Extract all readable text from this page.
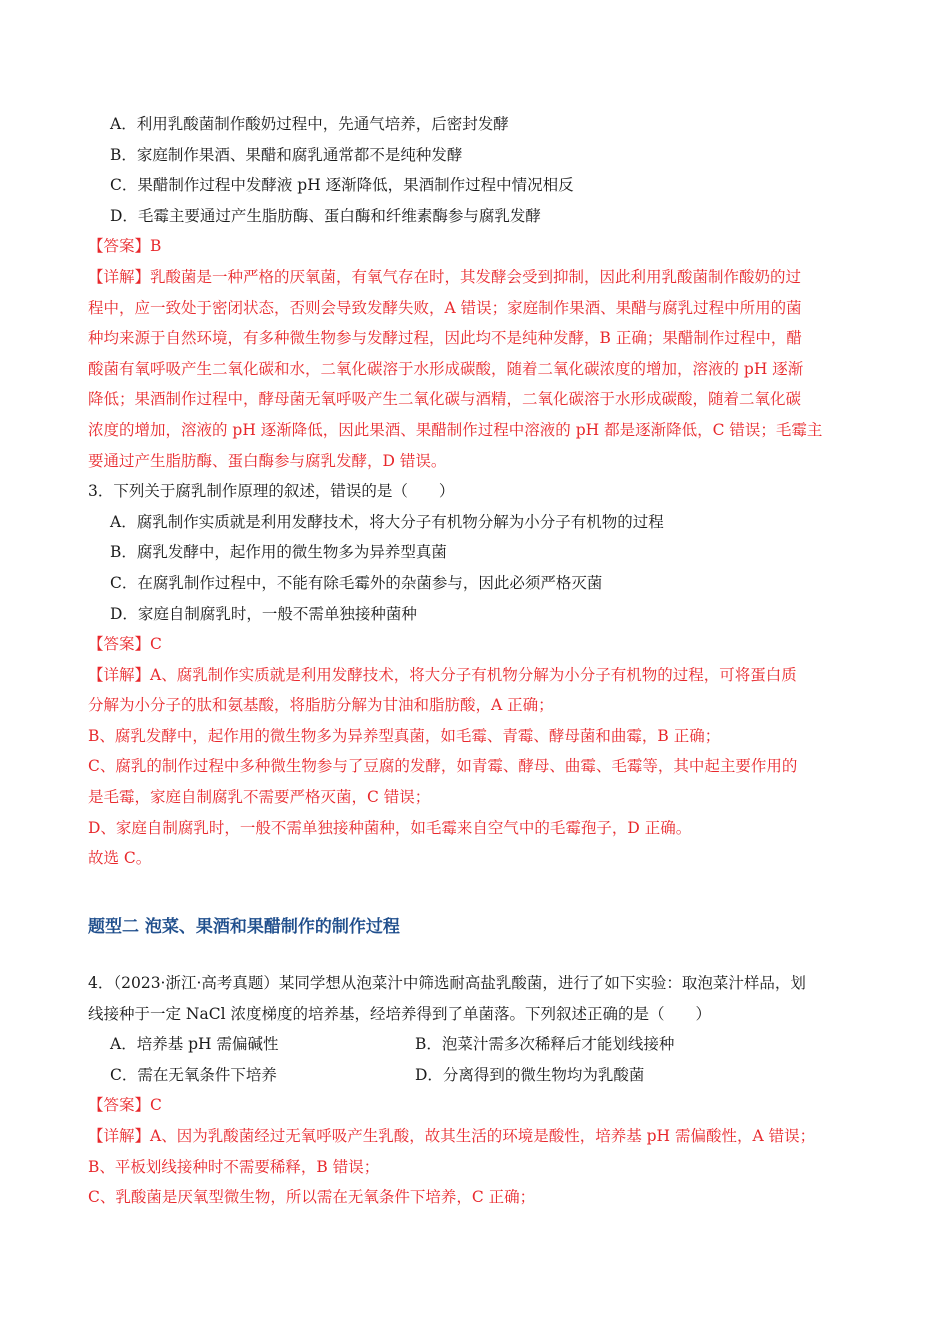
A．利用乳酸菌制作酸奶过程中，先通气培养，后密封发酵
B．家庭制作果酒、果醋和腐乳通常都不是纯种发酵
C．果醋制作过程中发酵液 pH 逐渐降低，果酒制作过程中情况相反
D．毛霉主要通过产生脂肪酶、蛋白酶和纤维素酶参与腐乳发酵
【答案】B
【详解】乳酸菌是一种严格的厌氧菌，有氧气存在时，其发酵会受到抑制，因此利用乳酸菌制作酸奶的过
程中，应一致处于密闭状态，否则会导致发酵失败，A 错误；家庭制作果酒、果醋与腐乳过程中所用的菌
种均来源于自然环境，有多种微生物参与发酵过程，因此均不是纯种发酵，B 正确；果醋制作过程中，醋
酸菌有氧呼吸产生二氧化碳和水，二氧化碳溶于水形成碳酸，随着二氧化碳浓度的增加，溶液的 pH 逐渐
降低；果酒制作过程中，酵母菌无氧呼吸产生二氧化碳与酒精，二氧化碳溶于水形成碳酸，随着二氧化碳
浓度的增加，溶液的 pH 逐渐降低，因此果酒、果醋制作过程中溶液的 pH 都是逐渐降低，C 错误；毛霉主
要通过产生脂肪酶、蛋白酶参与腐乳发酵，D 错误。
3．下列关于腐乳制作原理的叙述，错误的是（　　）
A．腐乳制作实质就是利用发酵技术，将大分子有机物分解为小分子有机物的过程
B．腐乳发酵中，起作用的微生物多为异养型真菌
C．在腐乳制作过程中，不能有除毛霉外的杂菌参与，因此必须严格灭菌
D．家庭自制腐乳时，一般不需单独接种菌种
【答案】C
【详解】A、腐乳制作实质就是利用发酵技术，将大分子有机物分解为小分子有机物的过程，可将蛋白质
分解为小分子的肽和氨基酸，将脂肪分解为甘油和脂肪酸，A 正确；
B、腐乳发酵中，起作用的微生物多为异养型真菌，如毛霉、青霉、酵母菌和曲霉，B 正确；
C、腐乳的制作过程中多种微生物参与了豆腐的发酵，如青霉、酵母、曲霉、毛霉等，其中起主要作用的
是毛霉，家庭自制腐乳不需要严格灭菌，C 错误；
D、家庭自制腐乳时，一般不需单独接种菌种，如毛霉来自空气中的毛霉孢子，D 正确。
故选 C。
题型二 泡菜、果酒和果醋制作的制作过程
4．（2023·浙江·高考真题）某同学想从泡菜汁中筛选耐高盐乳酸菌，进行了如下实验：取泡菜汁样品，划
线接种于一定 NaCl 浓度梯度的培养基，经培养得到了单菌落。下列叙述正确的是（　　）
A．培养基 pH 需偏碱性	B．泡菜汁需多次稀释后才能划线接种
C．需在无氧条件下培养	D．分离得到的微生物均为乳酸菌
【答案】C
【详解】A、因为乳酸菌经过无氧呼吸产生乳酸，故其生活的环境是酸性，培养基 pH 需偏酸性，A 错误；
B、平板划线接种时不需要稀释，B 错误；
C、乳酸菌是厌氧型微生物，所以需在无氧条件下培养，C 正确；
